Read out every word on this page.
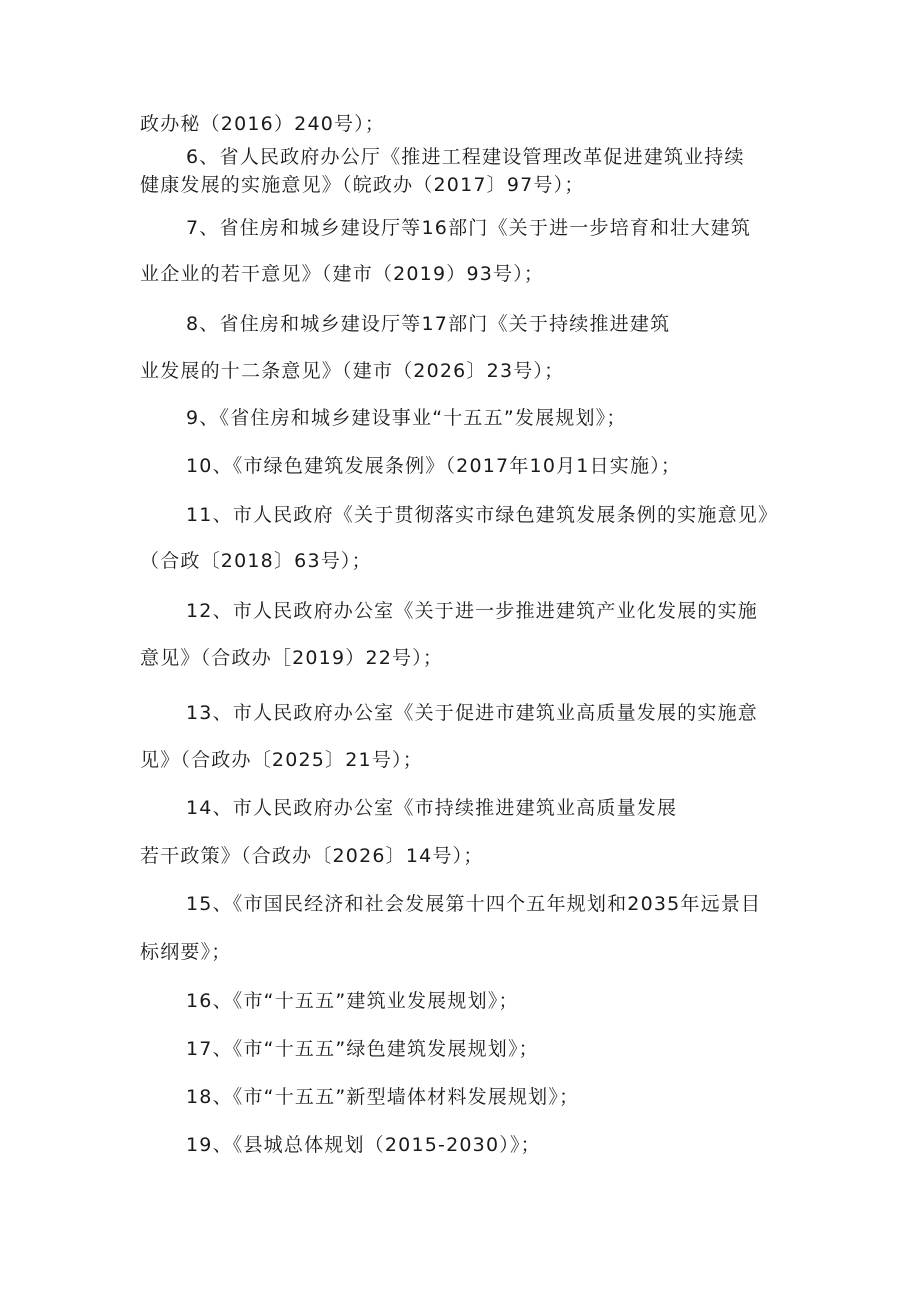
政办秘（2016）240号）；
6、省人民政府办公厅《推进工程建设管理改革促进建筑业持续
健康发展的实施意见》（皖政办（2017〕97号）；
7、省住房和城乡建设厅等16部门《关于进一步培育和壮大建筑
业企业的若干意见》（建市（2019）93号）；
8、省住房和城乡建设厅等17部门《关于持续推进建筑
业发展的十二条意见》（建市（2026〕23号）；
9、《省住房和城乡建设事业“十五五”发展规划》；
10、《市绿色建筑发展条例》（2017年10月1日实施）；
11、市人民政府《关于贯彻落实市绿色建筑发展条例的实施意见》
（合政〔2018〕63号）；
12、市人民政府办公室《关于进一步推进建筑产业化发展的实施
意见》（合政办［2019）22号）；
13、市人民政府办公室《关于促进市建筑业高质量发展的实施意
见》（合政办〔2025〕21号）；
14、市人民政府办公室《市持续推进建筑业高质量发展
若干政策》（合政办〔2026〕14号）；
15、《市国民经济和社会发展第十四个五年规划和2035年远景目
标纲要》；
16、《市“十五五”建筑业发展规划》；
17、《市“十五五”绿色建筑发展规划》；
18、《市“十五五”新型墙体材料发展规划》；
19、《县城总体规划（2015-2030）》；
